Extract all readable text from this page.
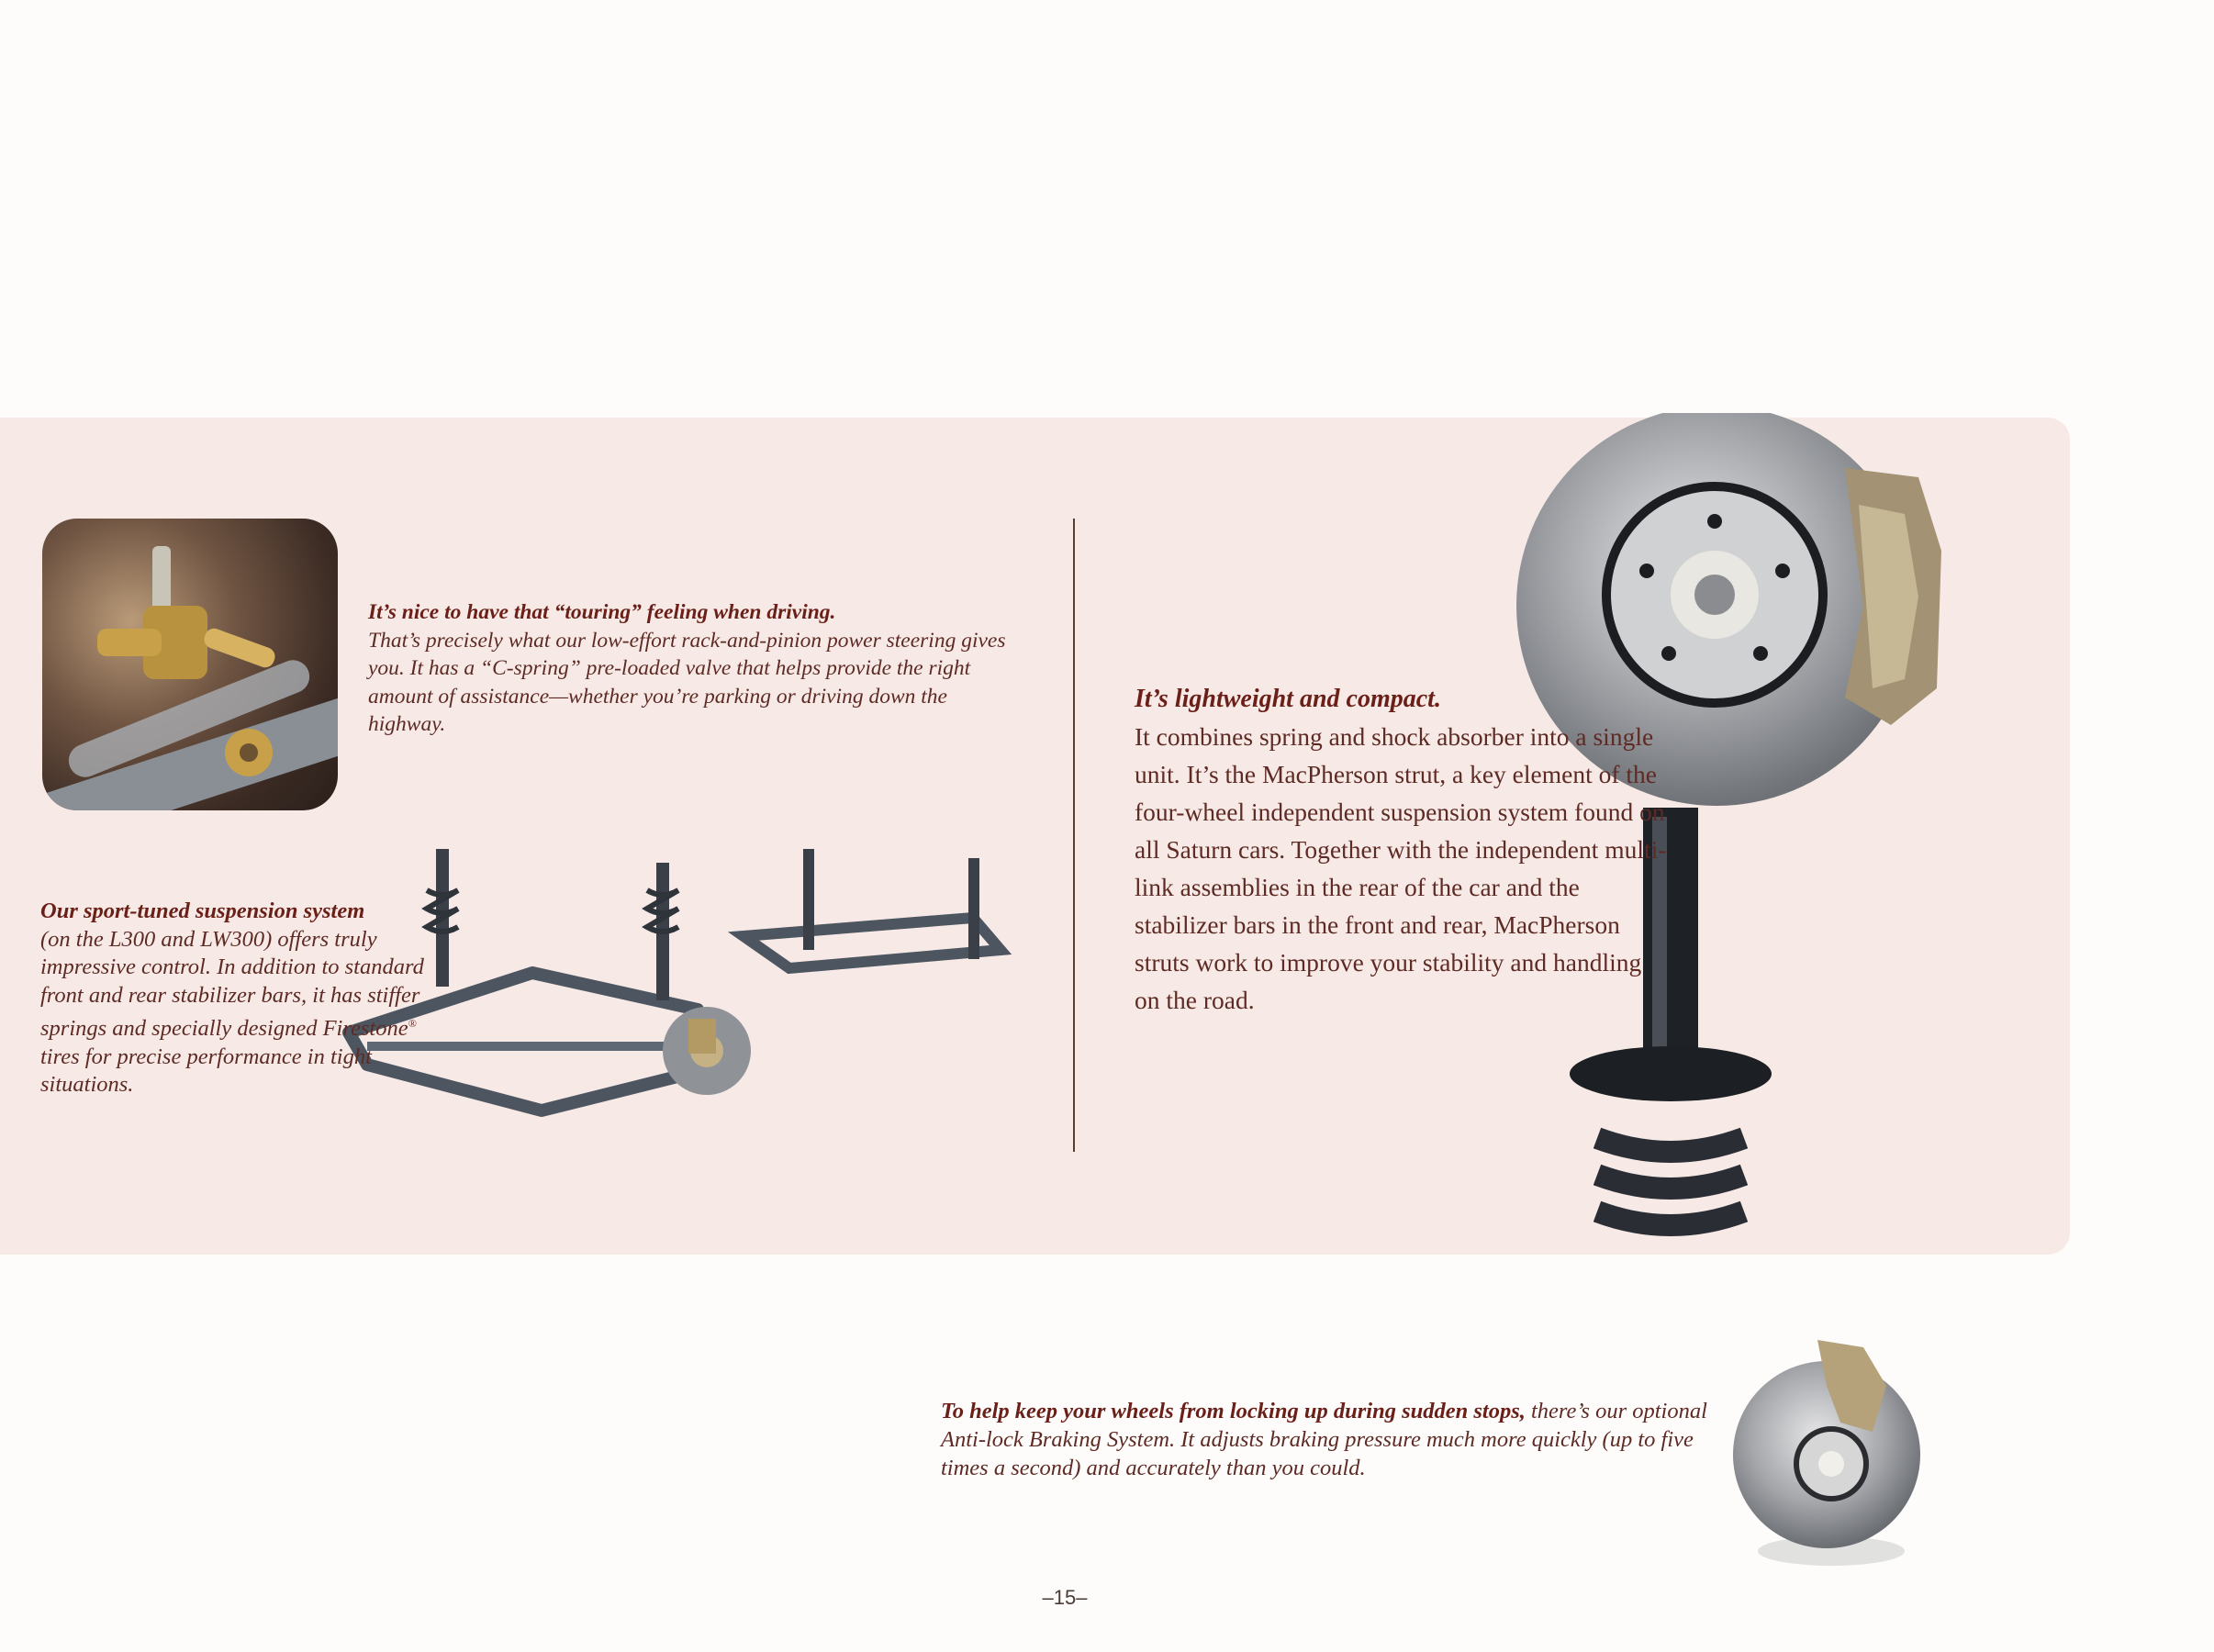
It’s nice to have that “touring” feeling when driving.
That’s precisely what our low-effort rack-and-pinion power steering gives you. It has a “C-spring” pre-loaded valve that helps provide the right amount of assistance—whether you’re parking or driving down the highway.
Our sport-tuned suspension system
(on the L300 and LW300) offers truly impressive control. In addition to standard front and rear stabilizer bars, it has stiffer springs and specially designed Firestone® tires for precise performance in tight situations.
It’s lightweight and compact.
It combines spring and shock absorber into a single unit. It’s the MacPherson strut, a key element of the four-wheel independent suspension system found on all Saturn cars. Together with the independent multi-link assemblies in the rear of the car and the stabilizer bars in the front and rear, MacPherson struts work to improve your stability and handling on the road.
To help keep your wheels from locking up during sudden stops, there’s our optional Anti-lock Braking System. It adjusts braking pressure much more quickly (up to five times a second) and accurately than you could.
–15–
